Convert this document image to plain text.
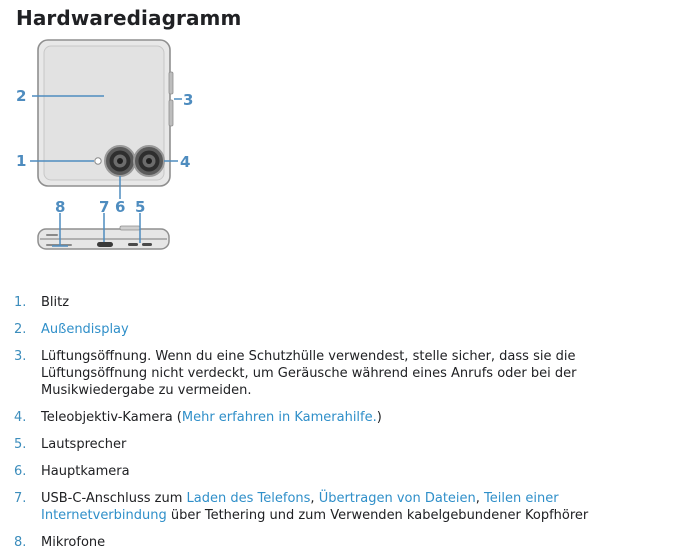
Hardwarediagramm
2	3
1	4
8 7 6 5
1.	Blitz
2.	Außendisplay
3.	Lüftungsöffnung. Wenn du eine Schutzhülle verwendest, stelle sicher, dass sie die Lüftungsöffnung nicht verdeckt, um Geräusche während eines Anrufs oder bei der Musikwiedergabe zu vermeiden.
4.	Teleobjektiv-Kamera (Mehr erfahren in Kamerahilfe.)
5.	Lautsprecher
6.	Hauptkamera
7.	USB-C-Anschluss zum Laden des Telefons, Übertragen von Dateien, Teilen einer Internetverbindung über Tethering und zum Verwenden kabelgebundener Kopfhörer
8.	Mikrofone
